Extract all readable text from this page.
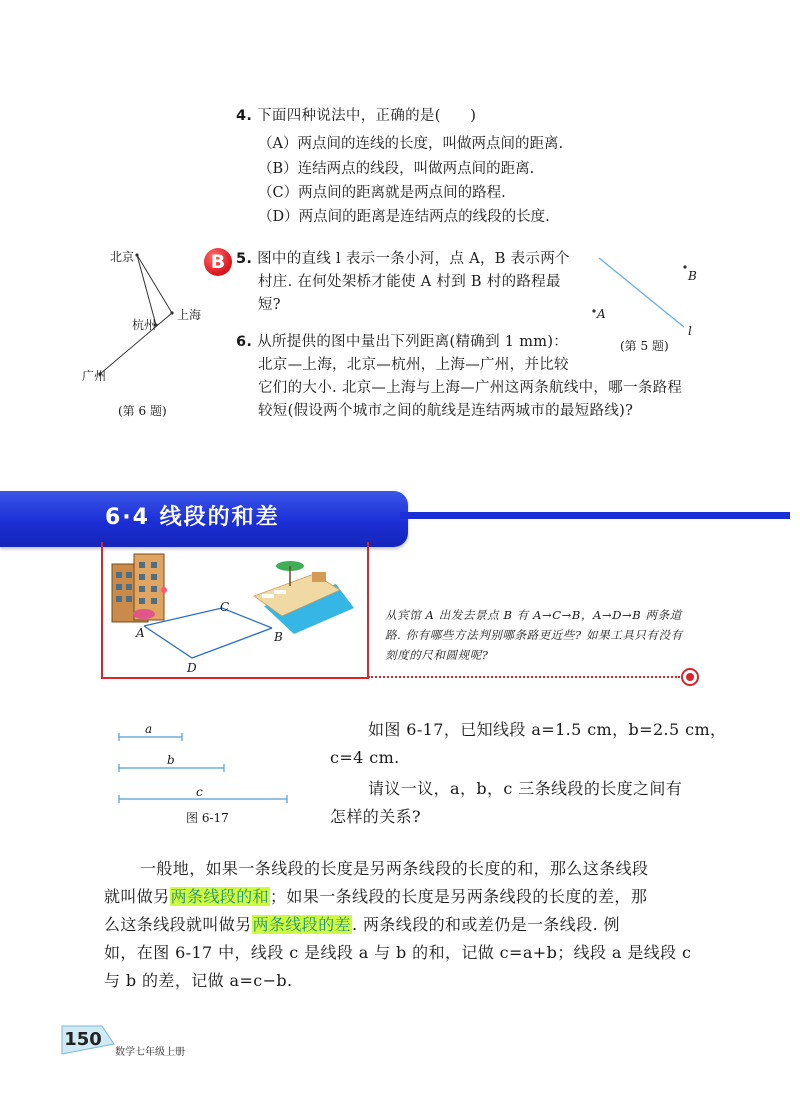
4. 下面四种说法中，正确的是(　　)
（A）两点间的连线的长度，叫做两点间的距离.
（B）连结两点的线段，叫做两点间的距离.
（C）两点间的距离就是两点间的路程.
（D）两点间的距离是连结两点的线段的长度.
北京
上海
杭州
广州
(第 6 题)
B 5. 图中的直线 l 表示一条小河，点 A，B 表示两个
村庄. 在何处架桥才能使 A 村到 B 村的路程最
短?
B
A
l
(第 5 题)
6. 从所提供的图中量出下列距离(精确到 1 mm)：
北京—上海，北京—杭州，上海—广州，并比较
它们的大小. 北京—上海与上海—广州这两条航线中，哪一条路程
较短(假设两个城市之间的航线是连结两城市的最短路线)?
6·4 线段的和差
A
C
B
D
从宾馆 A 出发去景点 B 有 A→C→B，A→D→B 两条道路. 你有哪些方法判别哪条路更近些? 如果工具只有没有刻度的尺和圆规呢?
a
b
c
图 6-17
如图 6-17，已知线段 a=1.5 cm，b=2.5 cm，
c=4 cm.
请议一议，a，b，c 三条线段的长度之间有
怎样的关系?
一般地，如果一条线段的长度是另两条线段的长度的和，那么这条线段
就叫做另两条线段的和；如果一条线段的长度是另两条线段的长度的差，那
么这条线段就叫做另两条线段的差. 两条线段的和或差仍是一条线段. 例
如，在图 6-17 中，线段 c 是线段 a 与 b 的和，记做 c=a+b；线段 a 是线段 c
与 b 的差，记做 a=c−b.
150
数学七年级上册
